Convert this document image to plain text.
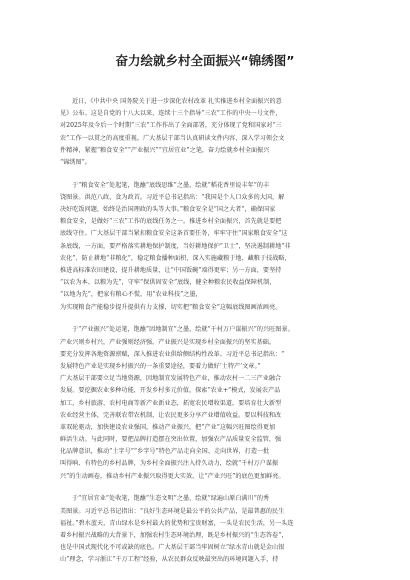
奋力绘就乡村全面振兴“锦绣图”
近日，《中共中央 国务院关于进一步深化农村改革 扎实推进乡村全面振兴的意
见》公布。这是自党的十八大以来，连续十三个指导“三农”工作的中央一号文件，
对2025年及今后一个时期“三农”工作作出了全面部署，充分体现了党和国家对“三
农”工作一以贯之的高度重视。广大基层干部当认真研读文件内容，深入学习领会文
件精神，紧握“粮食安全”“产业振兴”“宜居宜业”之笔，奋力绘就乡村全面振兴
“锦绣图”。
于“粮食安全”处起笔，饱蘸“底线思维”之墨，绘就“稻花香里说丰年”的丰
饶图景。洪范八政，食为政首。习近平总书记指出：“我国是个人口众多的大国，解
决好吃饭问题，始终是治国理政的头等大事。”粮食安全是“国之大者”，确保国家
粮食安全，是做好“三农”工作的底线任务之一。推进乡村全面振兴，首先就是要把
底线守住。广大基层干部当紧扣粮食安全这条首要任务，牢牢守住“国家粮食安全”这
条底线，一方面，要严格落实耕地保护制度，当好耕地保护“卫士”，坚决遏制耕地“非
农化”、防止耕地“非粮化”，稳定粮食播种面积，深入实施藏粮于地、藏粮于技战略，
推进高标准农田建设，提升耕地质量，让“中国饭碗”端得更牢；另一方面，要坚持
“以农为本、以粮为先”，守牢“保供固安全”底线，健全种粮农民收益保障机制，
“以地为先”，把家有粮心不慌，用“农业科技”之墨，
为实现粮食产能稳步提升提供有力支撑，切实把“粮食安全”这幅底线图画浓画亮。
于“产业振兴”处运笔，饱蘸“因地制宜”之墨，绘就“千村万户谋振兴”的兴旺图景。
产业兴则乡村兴，产业强则经济强。产业振兴是实现乡村全面振兴的坚实基础。
要充分发挥各地资源禀赋，深入推进农业供给侧结构性改革。习近平总书记指出：“
发展特色产业是实现乡村振兴的一条重要途径，要着力做好‘土特产’文章。”
广大基层干部要立足当地资源，因地制宜发展特色产业，推动农村一二三产业融合
发展。要挖掘农业多种功能，开发乡村多元价值，探索“农业+”模式，发展农产品
加工、乡村旅游、农村电商等新产业新业态，拓宽农民增收渠道。要培育壮大新型
农业经营主体，完善联农带农机制，让农民更多分享产业增值收益。要以科技和改
革双轮驱动，加快建设农业强国，推动产业振兴，把“产业”这幅兴旺图绘得更加
鲜活生动。与此同时，要把品牌打造摆在突出位置，加强农产品质量安全监管，强
化品牌意识，推动“土字号”“乡字号”特色产品走向全国、走向世界，打造一批
叫得响、有特色的乡村品牌，为乡村全面振兴注入持久动力，绘就“千村万户谋振
兴”的生动画卷，推动乡村产业振兴取得更大实效，让“产业兴旺”的底色更加鲜亮。
于“宜居宜业”处收笔，饱蘸“生态文明”之墨，绘就“绿遍山原白满川”的秀
美图景。习近平总书记指出：“良好生态环境是最公平的公共产品，是最普惠的民生
福祉。”碧水蓝天、青山绿水是乡村最大的优势和宝贵财富，一头是农民生活，另一头连
着乡村振兴战略的大背景下，加强农村生态环境治理，既是乡村振兴的“生态答卷”，
也是中国式现代化不可或缺的底色。广大基层干部当牢固树立“绿水青山就是金山银
山”理念，学习浙江“千万工程”经验，从农民群众反映最突出的环境问题入手，持
